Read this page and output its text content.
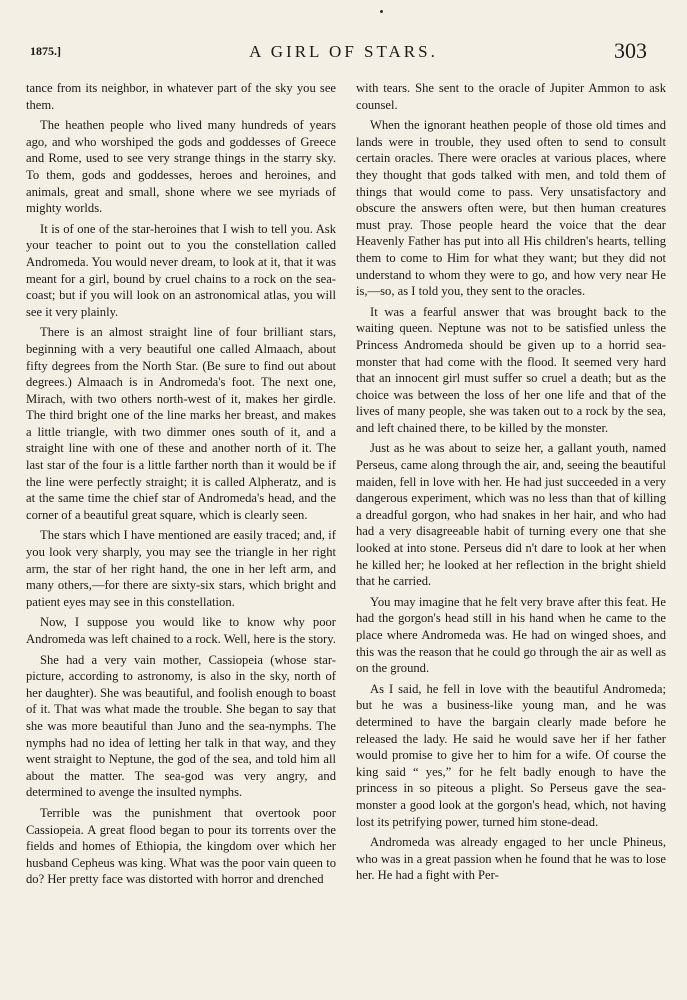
1875.]	A GIRL OF STARS.	303

tance from its neighbor, in whatever part of the sky you see them.

The heathen people who lived many hundreds of years ago, and who worshiped the gods and goddesses of Greece and Rome, used to see very strange things in the starry sky. To them, gods and goddesses, heroes and heroines, and animals, great and small, shone where we see myriads of mighty worlds.

It is of one of the star-heroines that I wish to tell you. Ask your teacher to point out to you the constellation called Andromeda. You would never dream, to look at it, that it was meant for a girl, bound by cruel chains to a rock on the sea-coast; but if you will look on an astronomical atlas, you will see it very plainly.

There is an almost straight line of four brilliant stars, beginning with a very beautiful one called Almaach, about fifty degrees from the North Star. (Be sure to find out about degrees.) Almaach is in Andromeda's foot. The next one, Mirach, with two others north-west of it, makes her girdle. The third bright one of the line marks her breast, and makes a little triangle, with two dimmer ones south of it, and a straight line with one of these and another north of it. The last star of the four is a little farther north than it would be if the line were perfectly straight; it is called Alpheratz, and is at the same time the chief star of Andromeda's head, and the corner of a beautiful great square, which is clearly seen.

The stars which I have mentioned are easily traced; and, if you look very sharply, you may see the triangle in her right arm, the star of her right hand, the one in her left arm, and many others,—for there are sixty-six stars, which bright and patient eyes may see in this constellation.

Now, I suppose you would like to know why poor Andromeda was left chained to a rock. Well, here is the story.

She had a very vain mother, Cassiopeia (whose star-picture, according to astronomy, is also in the sky, north of her daughter). She was beautiful, and foolish enough to boast of it. That was what made the trouble. She began to say that she was more beautiful than Juno and the sea-nymphs. The nymphs had no idea of letting her talk in that way, and they went straight to Neptune, the god of the sea, and told him all about the matter. The sea-god was very angry, and determined to avenge the insulted nymphs.

Terrible was the punishment that overtook poor Cassiopeia. A great flood began to pour its torrents over the fields and homes of Ethiopia, the kingdom over which her husband Cepheus was king. What was the poor vain queen to do? Her pretty face was distorted with horror and drenched

with tears. She sent to the oracle of Jupiter Ammon to ask counsel.

When the ignorant heathen people of those old times and lands were in trouble, they used often to send to consult certain oracles. There were oracles at various places, where they thought that gods talked with men, and told them of things that would come to pass. Very unsatisfactory and obscure the answers often were, but then human creatures must pray. Those people heard the voice that the dear Heavenly Father has put into all His children's hearts, telling them to come to Him for what they want; but they did not understand to whom they were to go, and how very near He is,—so, as I told you, they sent to the oracles.

It was a fearful answer that was brought back to the waiting queen. Neptune was not to be satisfied unless the Princess Andromeda should be given up to a horrid sea-monster that had come with the flood. It seemed very hard that an innocent girl must suffer so cruel a death; but as the choice was between the loss of her one life and that of the lives of many people, she was taken out to a rock by the sea, and left chained there, to be killed by the monster.

Just as he was about to seize her, a gallant youth, named Perseus, came along through the air, and, seeing the beautiful maiden, fell in love with her. He had just succeeded in a very dangerous experiment, which was no less than that of killing a dreadful gorgon, who had snakes in her hair, and who had had a very disagreeable habit of turning every one that she looked at into stone. Perseus did n't dare to look at her when he killed her; he looked at her reflection in the bright shield that he carried.

You may imagine that he felt very brave after this feat. He had the gorgon's head still in his hand when he came to the place where Andromeda was. He had on winged shoes, and this was the reason that he could go through the air as well as on the ground.

As I said, he fell in love with the beautiful Andromeda; but he was a business-like young man, and he was determined to have the bargain clearly made before he released the lady. He said he would save her if her father would promise to give her to him for a wife. Of course the king said “ yes,” for he felt badly enough to have the princess in so piteous a plight. So Perseus gave the sea-monster a good look at the gorgon's head, which, not having lost its petrifying power, turned him stone-dead.

Andromeda was already engaged to her uncle Phineus, who was in a great passion when he found that he was to lose her. He had a fight with Per-
